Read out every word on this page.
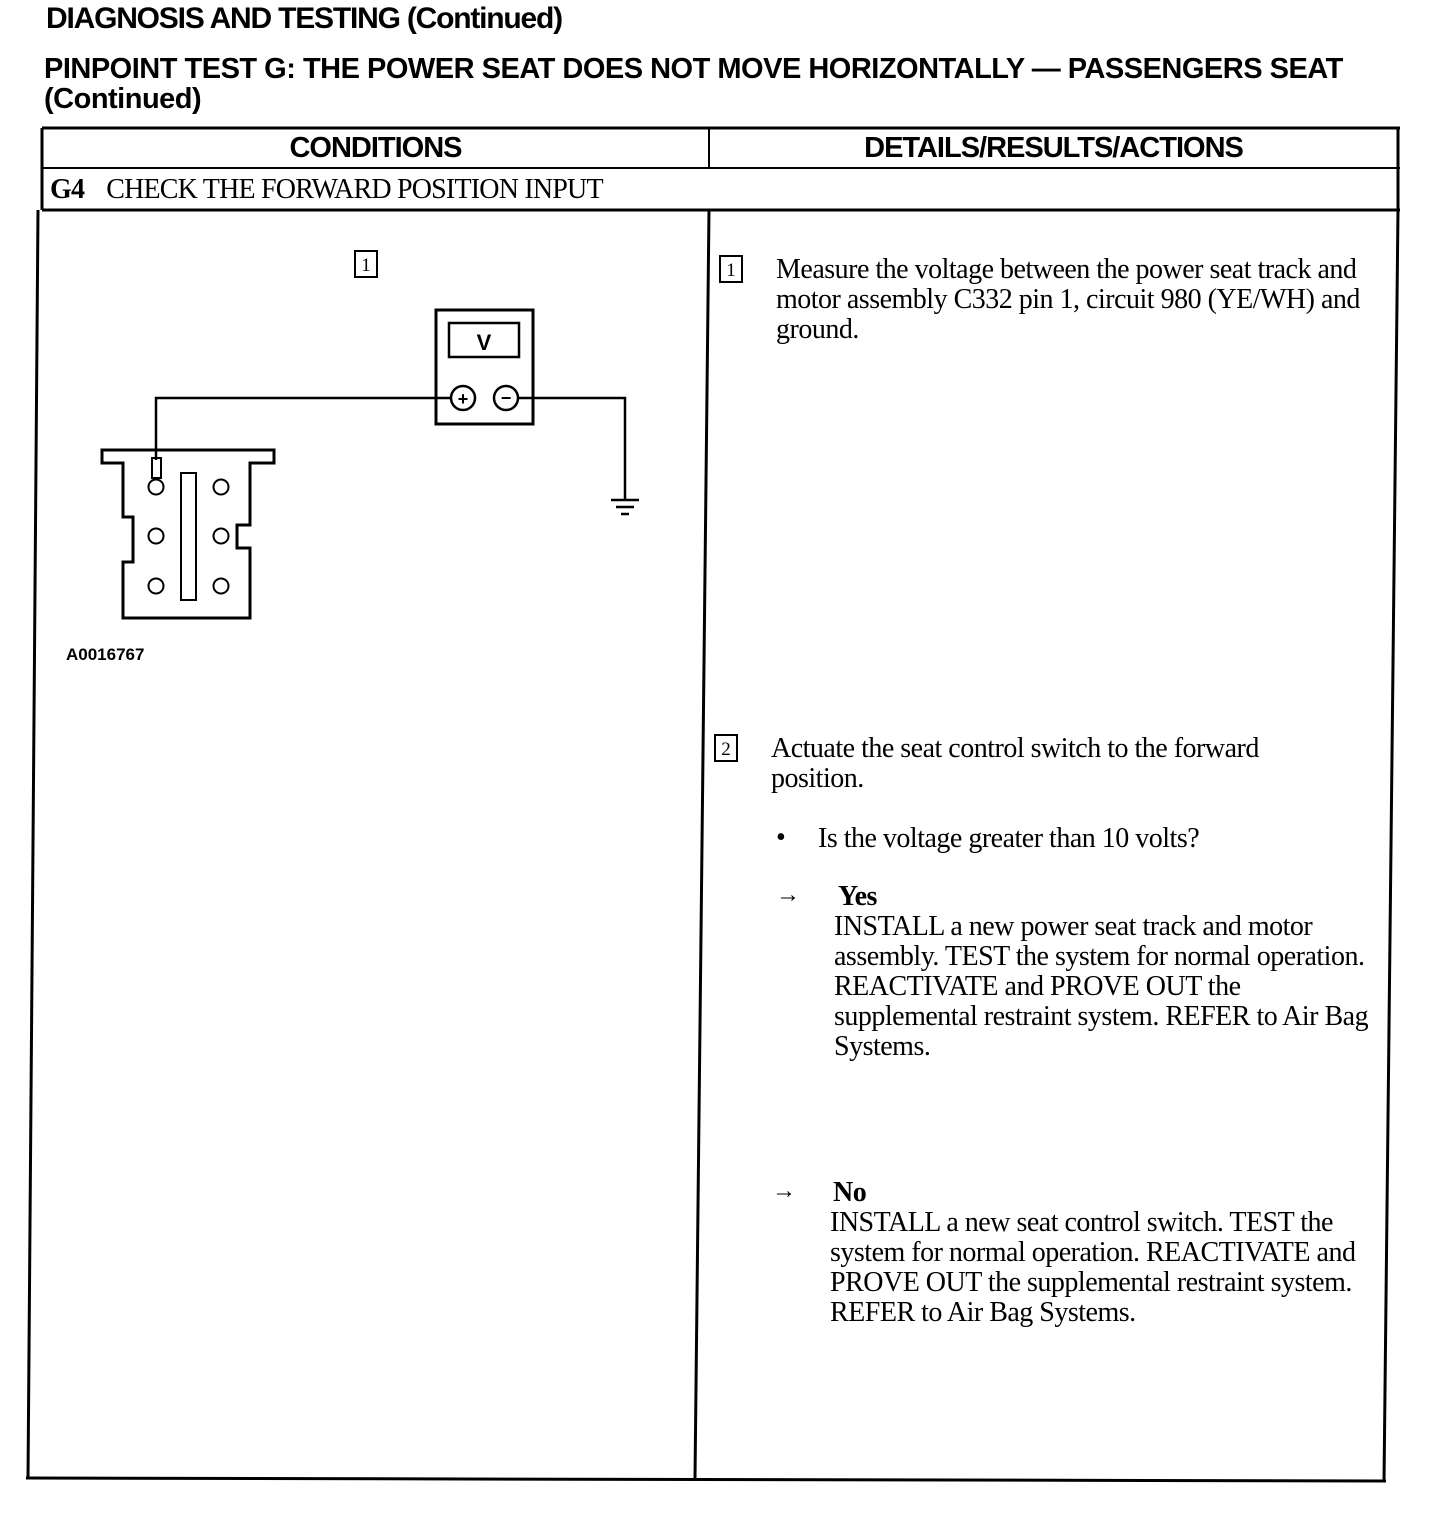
DIAGNOSIS AND TESTING (Continued)
PINPOINT TEST G: THE POWER SEAT DOES NOT MOVE HORIZONTALLY — PASSENGERS SEAT (Continued)
CONDITIONS	DETAILS/RESULTS/ACTIONS
G4 CHECK THE FORWARD POSITION INPUT
1
V
+ −
A0016767
1 Measure the voltage between the power seat track and motor assembly C332 pin 1, circuit 980 (YE/WH) and ground.
2 Actuate the seat control switch to the forward position.
• Is the voltage greater than 10 volts?
→ Yes
INSTALL a new power seat track and motor assembly. TEST the system for normal operation. REACTIVATE and PROVE OUT the supplemental restraint system. REFER to Air Bag Systems.
→ No
INSTALL a new seat control switch. TEST the system for normal operation. REACTIVATE and PROVE OUT the supplemental restraint system. REFER to Air Bag Systems.
